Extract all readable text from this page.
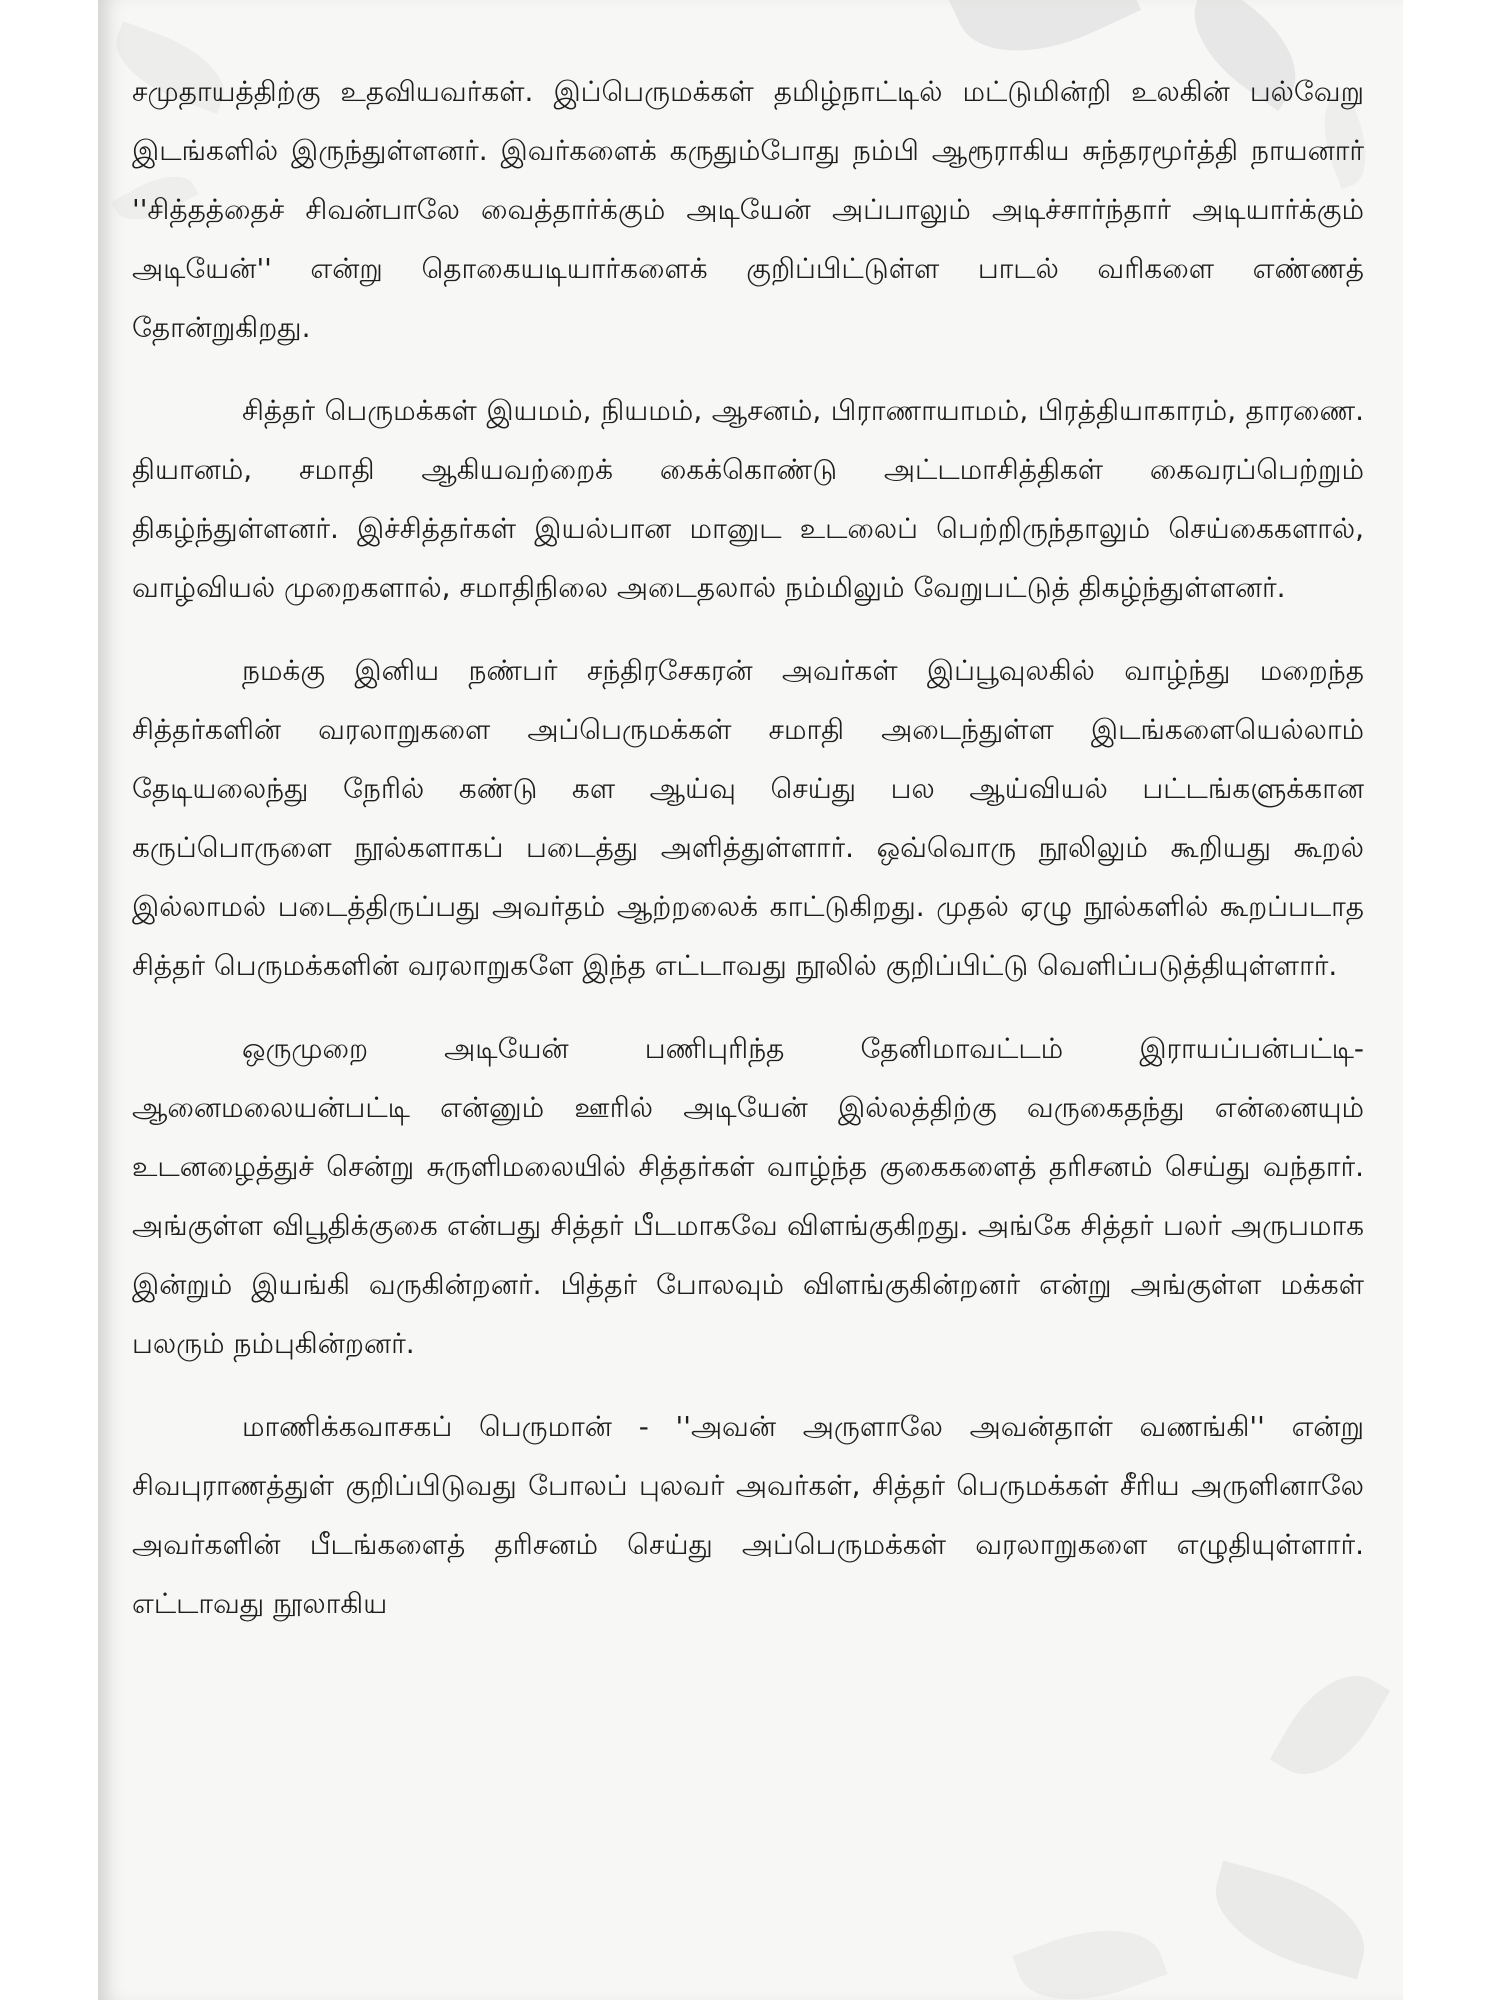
சமுதாயத்திற்கு உதவியவர்கள். இப்பெருமக்கள் தமிழ்நாட்டில் மட்டுமின்றி உலகின் பல்வேறு இடங்களில் இருந்துள்ளனர். இவர்களைக் கருதும்போது நம்பி ஆரூராகிய சுந்தரமூர்த்தி நாயனார் ''சித்தத்தைச் சிவன்பாலே வைத்தார்க்கும் அடியேன் அப்பாலும் அடிச்சார்ந்தார் அடியார்க்கும் அடியேன்'' என்று தொகையடியார்களைக் குறிப்பிட்டுள்ள பாடல் வரிகளை எண்ணத் தோன்றுகிறது.

சித்தர் பெருமக்கள் இயமம், நியமம், ஆசனம், பிராணாயாமம், பிரத்தியாகாரம், தாரணை. தியானம், சமாதி ஆகியவற்றைக் கைக்கொண்டு அட்டமாசித்திகள் கைவரப்பெற்றும் திகழ்ந்துள்ளனர். இச்சித்தர்கள் இயல்பான மானுட உடலைப் பெற்றிருந்தாலும் செய்கைகளால், வாழ்வியல் முறைகளால், சமாதிநிலை அடைதலால் நம்மிலும் வேறுபட்டுத் திகழ்ந்துள்ளனர்.

நமக்கு இனிய நண்பர் சந்திரசேகரன் அவர்கள் இப்பூவுலகில் வாழ்ந்து மறைந்த சித்தர்களின் வரலாறுகளை அப்பெருமக்கள் சமாதி அடைந்துள்ள இடங்களையெல்லாம் தேடியலைந்து நேரில் கண்டு கள ஆய்வு செய்து பல ஆய்வியல் பட்டங்களுக்கான கருப்பொருளை நூல்களாகப் படைத்து அளித்துள்ளார். ஒவ்வொரு நூலிலும் கூறியது கூறல் இல்லாமல் படைத்திருப்பது அவர்தம் ஆற்றலைக் காட்டுகிறது. முதல் ஏழு நூல்களில் கூறப்படாத சித்தர் பெருமக்களின் வரலாறுகளே இந்த எட்டாவது நூலில் குறிப்பிட்டு வெளிப்படுத்தியுள்ளார்.

ஒருமுறை அடியேன் பணிபுரிந்த தேனிமாவட்டம் இராயப்பன்பட்டி-ஆனைமலையன்பட்டி என்னும் ஊரில் அடியேன் இல்லத்திற்கு வருகைதந்து என்னையும் உடனழைத்துச் சென்று சுருளிமலையில் சித்தர்கள் வாழ்ந்த குகைகளைத் தரிசனம் செய்து வந்தார். அங்குள்ள விபூதிக்குகை என்பது சித்தர் பீடமாகவே விளங்குகிறது. அங்கே சித்தர் பலர் அருபமாக இன்றும் இயங்கி வருகின்றனர். பித்தர் போலவும் விளங்குகின்றனர் என்று அங்குள்ள மக்கள் பலரும் நம்புகின்றனர்.

மாணிக்கவாசகப் பெருமான் - ''அவன் அருளாலே அவன்தாள் வணங்கி'' என்று சிவபுராணத்துள் குறிப்பிடுவது போலப் புலவர் அவர்கள், சித்தர் பெருமக்கள் சீரிய அருளினாலே அவர்களின் பீடங்களைத் தரிசனம் செய்து அப்பெருமக்கள் வரலாறுகளை எழுதியுள்ளார். எட்டாவது நூலாகிய
